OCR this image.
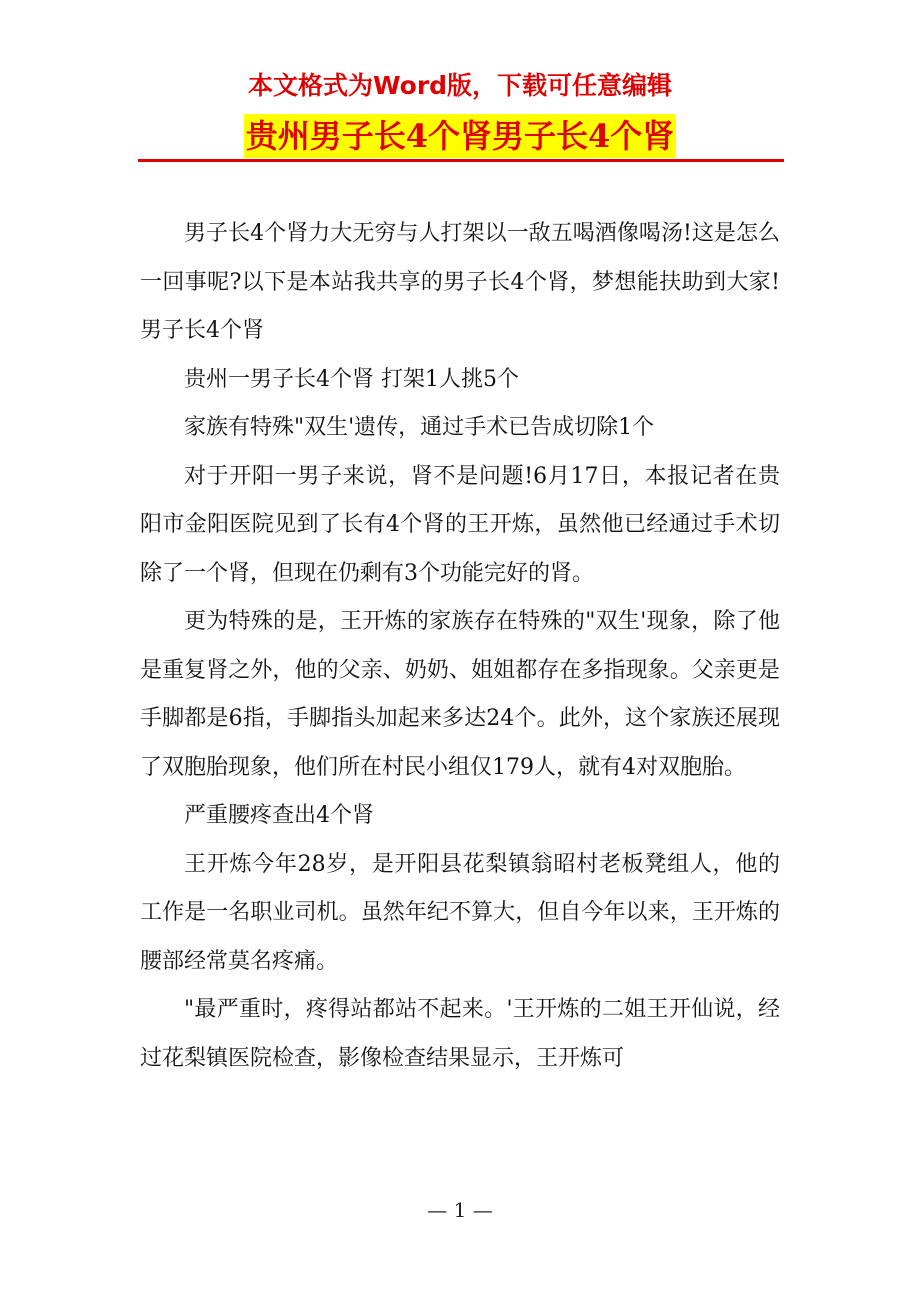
本文格式为Word版，下载可任意编辑
贵州男子长4个肾男子长4个肾

男子长4个肾力大无穷与人打架以一敌五喝酒像喝汤!这是怎么一回事呢?以下是本站我共享的男子长4个肾，梦想能扶助到大家!　　男子长4个肾

贵州一男子长4个肾 打架1人挑5个

家族有特殊"双生'遗传，通过手术已告成切除1个

对于开阳一男子来说，肾不是问题!6月17日，本报记者在贵阳市金阳医院见到了长有4个肾的王开炼，虽然他已经通过手术切除了一个肾，但现在仍剩有3个功能完好的肾。

更为特殊的是，王开炼的家族存在特殊的"双生'现象，除了他是重复肾之外，他的父亲、奶奶、姐姐都存在多指现象。父亲更是手脚都是6指，手脚指头加起来多达24个。此外，这个家族还展现了双胞胎现象，他们所在村民小组仅179人，就有4对双胞胎。

严重腰疼查出4个肾

王开炼今年28岁，是开阳县花梨镇翁昭村老板凳组人，他的工作是一名职业司机。虽然年纪不算大，但自今年以来，王开炼的腰部经常莫名疼痛。

"最严重时，疼得站都站不起来。'王开炼的二姐王开仙说，经过花梨镇医院检查，影像检查结果显示，王开炼可

— 1 —
